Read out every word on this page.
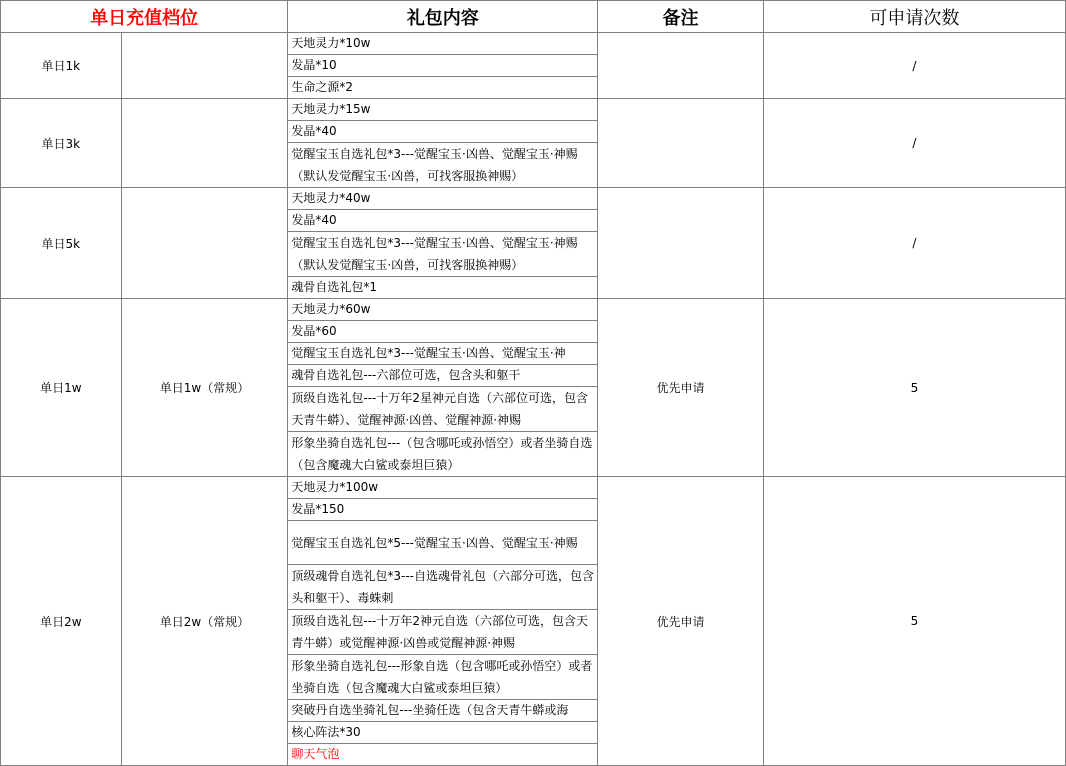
单日充值档位		礼包内容	备注	可申请次数
单日1k		天地灵力*10w		/
		发晶*10		
		生命之源*2		
单日3k		天地灵力*15w		/
		发晶*40		
		觉醒宝玉自选礼包*3---觉醒宝玉·凶兽、觉醒宝玉·神赐（默认发觉醒宝玉·凶兽，可找客服换神赐）		
单日5k		天地灵力*40w		/
		发晶*40		
		觉醒宝玉自选礼包*3---觉醒宝玉·凶兽、觉醒宝玉·神赐（默认发觉醒宝玉·凶兽，可找客服换神赐）		
		魂骨自选礼包*1		
单日1w	单日1w（常规）	天地灵力*60w	优先申请	5
		发晶*60		
		觉醒宝玉自选礼包*3---觉醒宝玉·凶兽、觉醒宝玉·神		
		魂骨自选礼包---六部位可选，包含头和躯干		
		顶级自选礼包---十万年2星神元自选（六部位可选，包含天青牛蟒）、觉醒神源·凶兽、觉醒神源·神赐		
		形象坐骑自选礼包---（包含哪吒或孙悟空）或者坐骑自选（包含魔魂大白鲨或泰坦巨猿）		
单日2w	单日2w（常规）	天地灵力*100w	优先申请	5
		发晶*150		
		觉醒宝玉自选礼包*5---觉醒宝玉·凶兽、觉醒宝玉·神赐		
		顶级魂骨自选礼包*3---自选魂骨礼包（六部分可选，包含头和躯干）、毒蛛刺		
		顶级自选礼包---十万年2神元自选（六部位可选，包含天青牛蟒）或觉醒神源·凶兽或觉醒神源·神赐		
		形象坐骑自选礼包---形象自选（包含哪吒或孙悟空）或者坐骑自选（包含魔魂大白鲨或泰坦巨猿）		
		突破丹自选坐骑礼包---坐骑任选（包含天青牛蟒或海		
		核心阵法*30		
		聊天气泡		
